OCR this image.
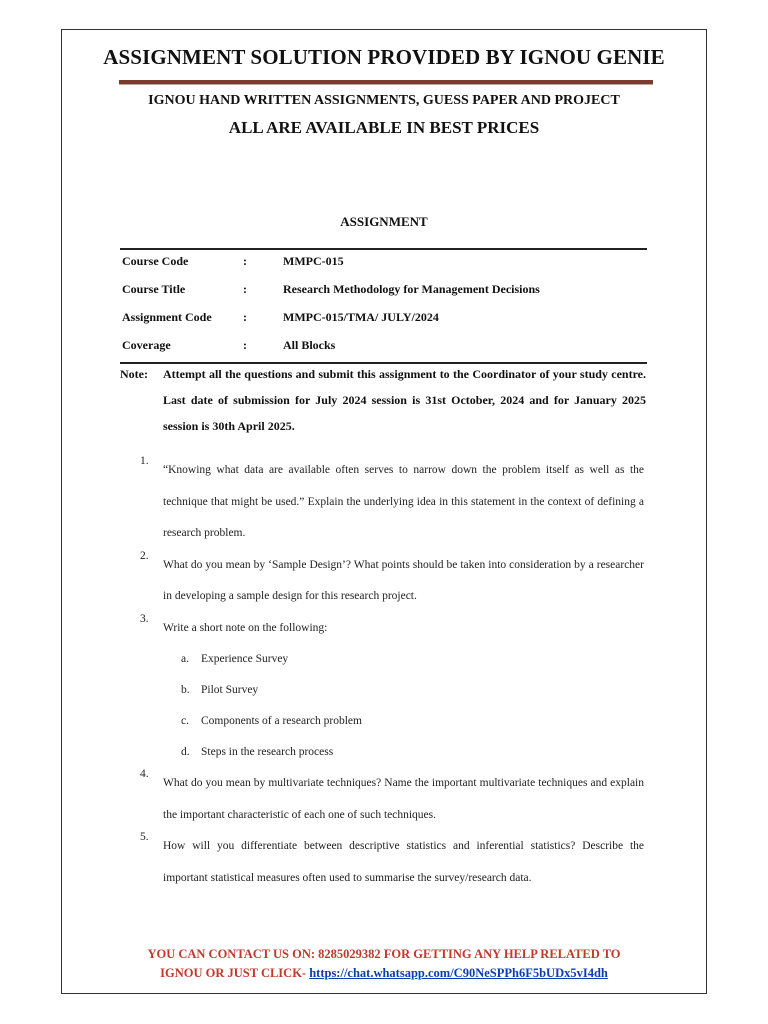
ASSIGNMENT SOLUTION PROVIDED BY IGNOU GENIE
IGNOU HAND WRITTEN ASSIGNMENTS, GUESS PAPER AND PROJECT
ALL ARE AVAILABLE IN BEST PRICES
ASSIGNMENT
Course Code	:	MMPC-015
Course Title	:	Research Methodology for Management Decisions
Assignment Code	:	MMPC-015/TMA/ JULY/2024
Coverage	:	All Blocks
Note: Attempt all the questions and submit this assignment to the Coordinator of your study centre. Last date of submission for July 2024 session is 31st October, 2024 and for January 2025 session is 30th April 2025.
1.
“Knowing what data are available often serves to narrow down the problem itself as well as the technique that might be used.” Explain the underlying idea in this statement in the context of defining a research problem.
2.
What do you mean by ‘Sample Design’? What points should be taken into consideration by a researcher in developing a sample design for this research project.
3.
Write a short note on the following:
a. Experience Survey
b. Pilot Survey
c. Components of a research problem
d. Steps in the research process
4.
What do you mean by multivariate techniques? Name the important multivariate techniques and explain the important characteristic of each one of such techniques.
5.
How will you differentiate between descriptive statistics and inferential statistics? Describe the important statistical measures often used to summarise the survey/research data.
YOU CAN CONTACT US ON: 8285029382 FOR GETTING ANY HELP RELATED TO
IGNOU OR JUST CLICK- https://chat.whatsapp.com/C90NeSPPh6F5bUDx5vI4dh
